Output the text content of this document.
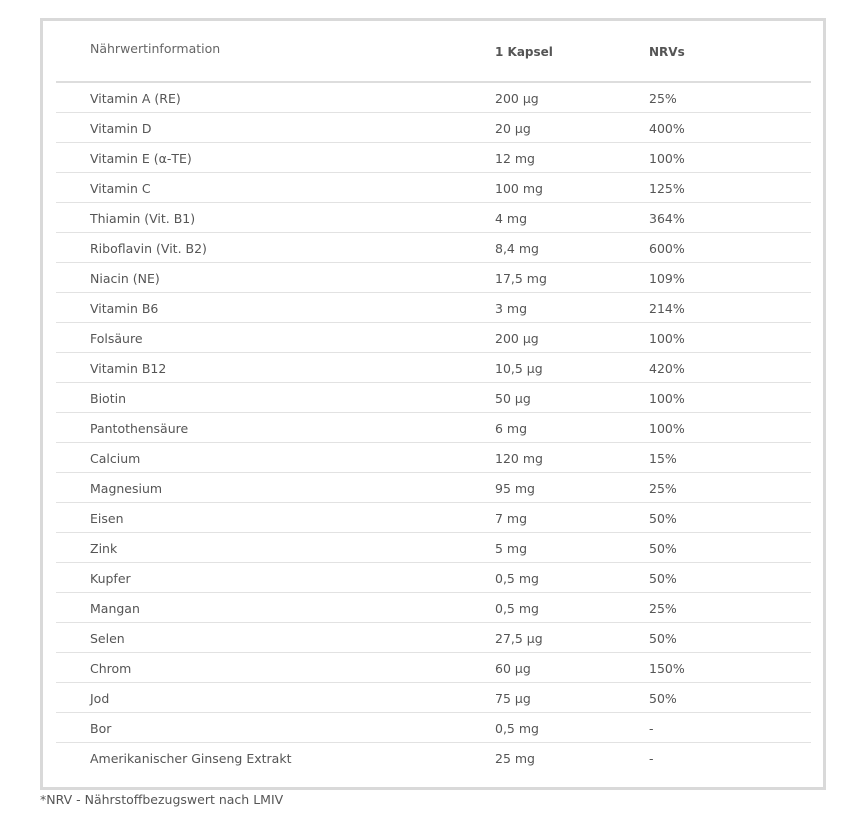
Nährwertinformation	1 Kapsel	NRVs
Vitamin A (RE)	200 µg	25%
Vitamin D	20 µg	400%
Vitamin E (α-TE)	12 mg	100%
Vitamin C	100 mg	125%
Thiamin (Vit. B1)	4 mg	364%
Riboflavin (Vit. B2)	8,4 mg	600%
Niacin (NE)	17,5 mg	109%
Vitamin B6	3 mg	214%
Folsäure	200 µg	100%
Vitamin B12	10,5 µg	420%
Biotin	50 µg	100%
Pantothensäure	6 mg	100%
Calcium	120 mg	15%
Magnesium	95 mg	25%
Eisen	7 mg	50%
Zink	5 mg	50%
Kupfer	0,5 mg	50%
Mangan	0,5 mg	25%
Selen	27,5 µg	50%
Chrom	60 µg	150%
Jod	75 µg	50%
Bor	0,5 mg	-
Amerikanischer Ginseng Extrakt	25 mg	-
*NRV - Nährstoffbezugswert nach LMIV
